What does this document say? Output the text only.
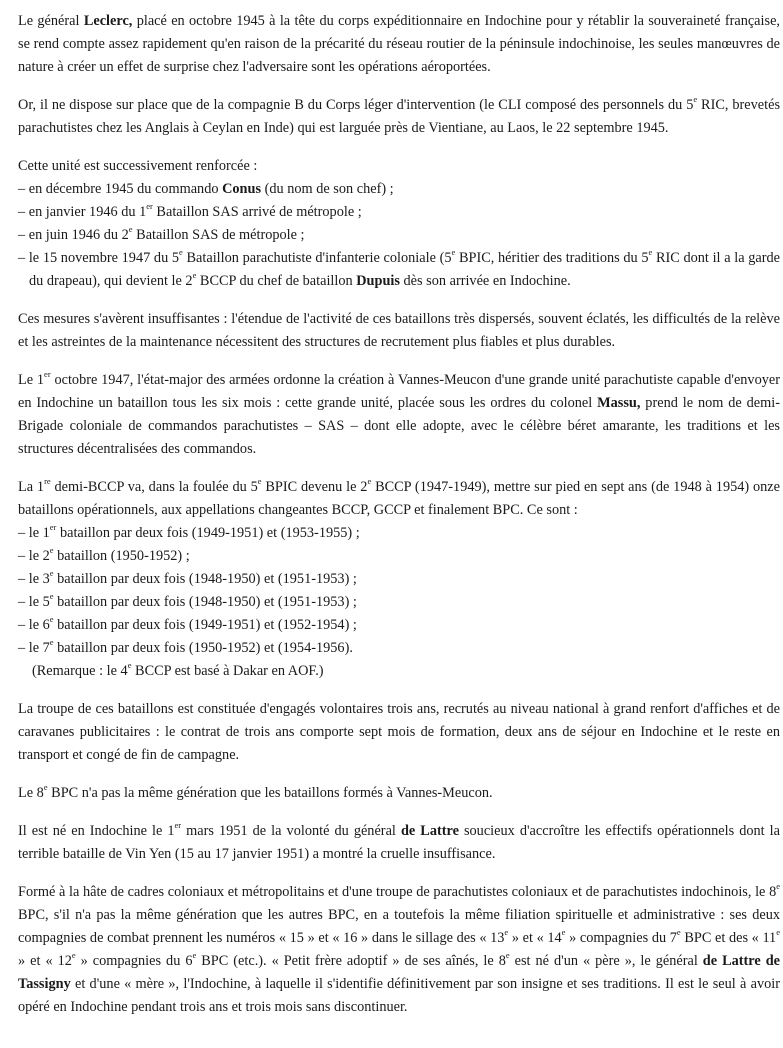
Le général Leclerc, placé en octobre 1945 à la tête du corps expéditionnaire en Indochine pour y rétablir la souveraineté française, se rend compte assez rapidement qu'en raison de la précarité du réseau routier de la péninsule indochinoise, les seules manœuvres de nature à créer un effet de surprise chez l'adversaire sont les opérations aéroportées.

Or, il ne dispose sur place que de la compagnie B du Corps léger d'intervention (le CLI composé des personnels du 5e RIC, brevetés parachutistes chez les Anglais à Ceylan en Inde) qui est larguée près de Vientiane, au Laos, le 22 septembre 1945.

Cette unité est successivement renforcée :
– en décembre 1945 du commando Conus (du nom de son chef) ;
– en janvier 1946 du 1er Bataillon SAS arrivé de métropole ;
– en juin 1946 du 2e Bataillon SAS de métropole ;
– le 15 novembre 1947 du 5e Bataillon parachutiste d'infanterie coloniale (5e BPIC, héritier des traditions du 5e RIC dont il a la garde du drapeau), qui devient le 2e BCCP du chef de bataillon Dupuis dès son arrivée en Indochine.

Ces mesures s'avèrent insuffisantes : l'étendue de l'activité de ces bataillons très dispersés, souvent éclatés, les difficultés de la relève et les astreintes de la maintenance nécessitent des structures de recrutement plus fiables et plus durables.

Le 1er octobre 1947, l'état-major des armées ordonne la création à Vannes-Meucon d'une grande unité parachutiste capable d'envoyer en Indochine un bataillon tous les six mois : cette grande unité, placée sous les ordres du colonel Massu, prend le nom de demi-Brigade coloniale de commandos parachutistes – SAS – dont elle adopte, avec le célèbre béret amarante, les traditions et les structures décentralisées des commandos.

La 1re demi-BCCP va, dans la foulée du 5e BPIC devenu le 2e BCCP (1947-1949), mettre sur pied en sept ans (de 1948 à 1954) onze bataillons opérationnels, aux appellations changeantes BCCP, GCCP et finalement BPC. Ce sont :

– le 1er bataillon par deux fois (1949-1951) et (1953-1955) ;
– le 2e bataillon (1950-1952) ;
– le 3e bataillon par deux fois (1948-1950) et (1951-1953) ;
– le 5e bataillon par deux fois (1948-1950) et (1951-1953) ;
– le 6e bataillon par deux fois (1949-1951) et (1952-1954) ;
– le 7e bataillon par deux fois (1950-1952) et (1954-1956).
(Remarque : le 4e BCCP est basé à Dakar en AOF.)

La troupe de ces bataillons est constituée d'engagés volontaires trois ans, recrutés au niveau national à grand renfort d'affiches et de caravanes publicitaires : le contrat de trois ans comporte sept mois de formation, deux ans de séjour en Indochine et le reste en transport et congé de fin de campagne.

Le 8e BPC n'a pas la même génération que les bataillons formés à Vannes-Meucon.

Il est né en Indochine le 1er mars 1951 de la volonté du général de Lattre soucieux d'accroître les effectifs opérationnels dont la terrible bataille de Vin Yen (15 au 17 janvier 1951) a montré la cruelle insuffisance.

Formé à la hâte de cadres coloniaux et métropolitains et d'une troupe de parachutistes coloniaux et de parachutistes indochinois, le 8e BPC, s'il n'a pas la même génération que les autres BPC, en a toutefois la même filiation spirituelle et administrative : ses deux compagnies de combat prennent les numéros « 15 » et « 16 » dans le sillage des « 13e » et « 14e » compagnies du 7e BPC et des « 11e » et « 12e » compagnies du 6e BPC (etc.). « Petit frère adoptif » de ses aînés, le 8e est né d'un « père », le général de Lattre de Tassigny et d'une « mère », l'Indochine, à laquelle il s'identifie définitivement par son insigne et ses traditions. Il est le seul à avoir opéré en Indochine pendant trois ans et trois mois sans discontinuer.
